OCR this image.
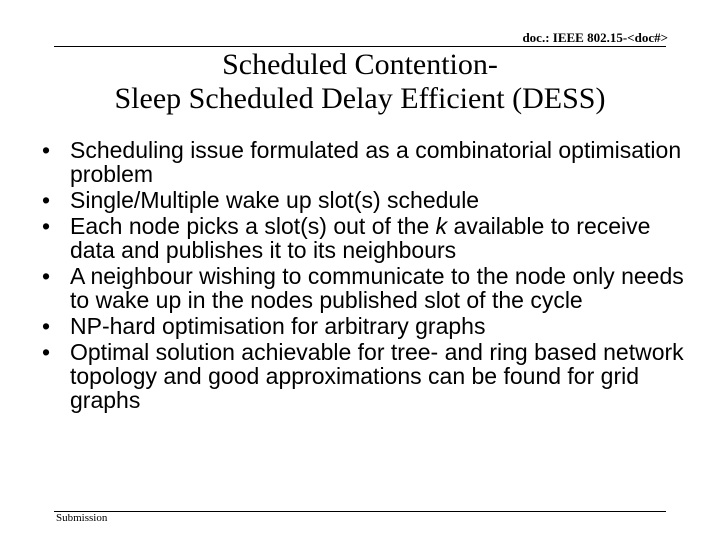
doc.: IEEE 802.15-<doc#>
Scheduled Contention-
Sleep Scheduled Delay Efficient (DESS)
• Scheduling issue formulated as a combinatorial optimisation problem
• Single/Multiple wake up slot(s) schedule
• Each node picks a slot(s) out of the k available to receive data and publishes it to its neighbours
• A neighbour wishing to communicate to the node only needs to wake up in the nodes published slot of the cycle
• NP-hard optimisation for arbitrary graphs
• Optimal solution achievable for tree- and ring based network topology and good approximations can be found for grid graphs
Submission
